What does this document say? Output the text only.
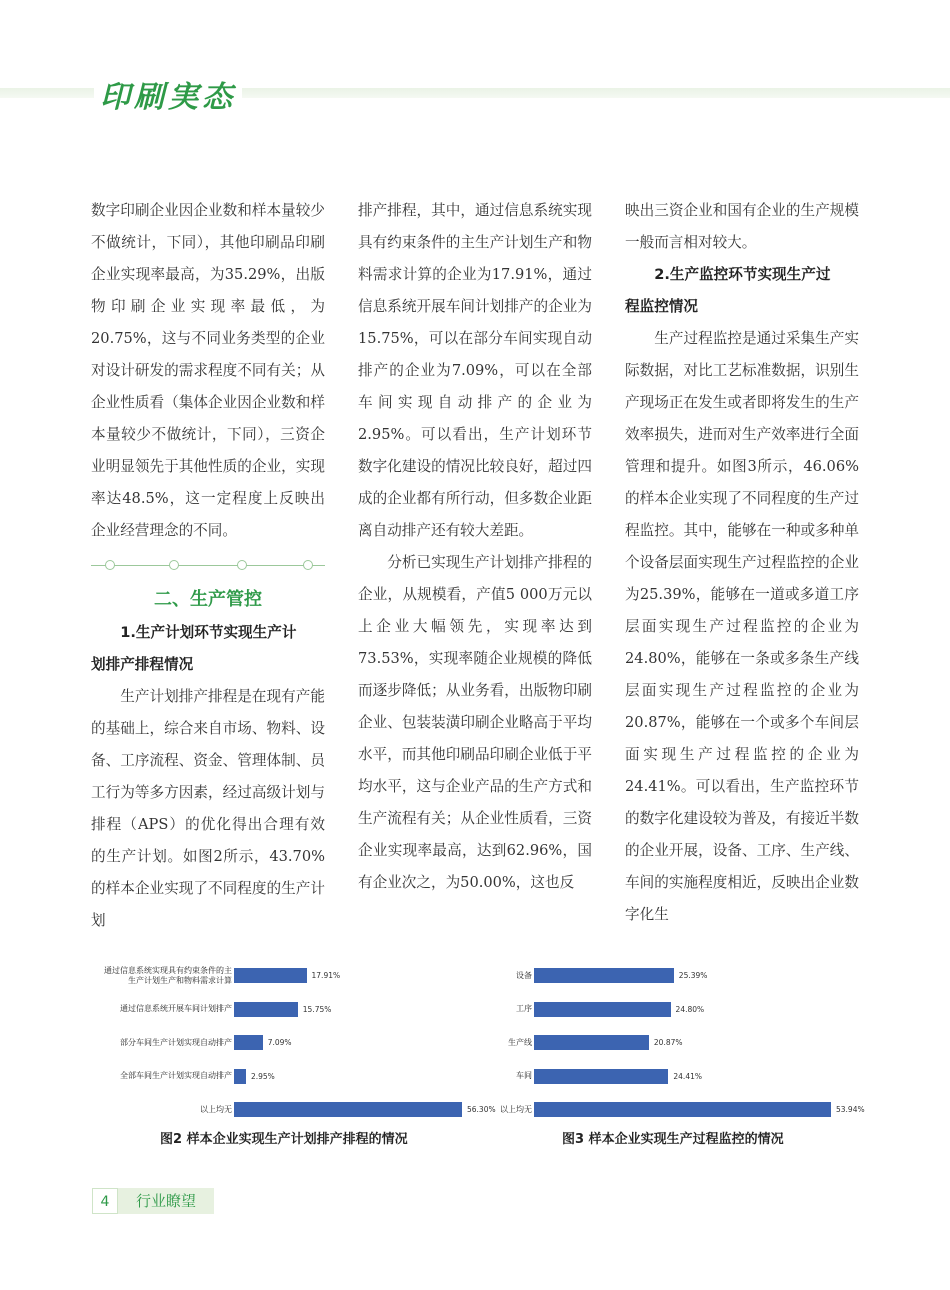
印刷実态

数字印刷企业因企业数和样本量较少不做统计，下同），其他印刷品印刷企业实现率最高，为35.29%，出版物印刷企业实现率最低，为20.75%，这与不同业务类型的企业对设计研发的需求程度不同有关；从企业性质看（集体企业因企业数和样本量较少不做统计，下同），三资企业明显领先于其他性质的企业，实现率达48.5%，这一定程度上反映出企业经营理念的不同。

二、生产管控

1.生产计划环节实现生产计

划排产排程情况

生产计划排产排程是在现有产能的基础上，综合来自市场、物料、设备、工序流程、资金、管理体制、员工行为等多方因素，经过高级计划与排程（APS）的优化得出合理有效的生产计划。如图2所示，43.70%的样本企业实现了不同程度的生产计划

排产排程，其中，通过信息系统实现具有约束条件的主生产计划生产和物料需求计算的企业为17.91%，通过信息系统开展车间计划排产的企业为15.75%，可以在部分车间实现自动排产的企业为7.09%，可以在全部车间实现自动排产的企业为2.95%。可以看出，生产计划环节数字化建设的情况比较良好，超过四成的企业都有所行动，但多数企业距离自动排产还有较大差距。

分析已实现生产计划排产排程的企业，从规模看，产值5 000万元以上企业大幅领先，实现率达到73.53%，实现率随企业规模的降低而逐步降低；从业务看，出版物印刷企业、包装装潢印刷企业略高于平均水平，而其他印刷品印刷企业低于平均水平，这与企业产品的生产方式和生产流程有关；从企业性质看，三资企业实现率最高，达到62.96%，国有企业次之，为50.00%，这也反

映出三资企业和国有企业的生产规模一般而言相对较大。

2.生产监控环节实现生产过

程监控情况

生产过程监控是通过采集生产实际数据，对比工艺标准数据，识别生产现场正在发生或者即将发生的生产效率损失，进而对生产效率进行全面管理和提升。如图3所示，46.06%的样本企业实现了不同程度的生产过程监控。其中，能够在一种或多种单个设备层面实现生产过程监控的企业为25.39%，能够在一道或多道工序层面实现生产过程监控的企业为24.80%，能够在一条或多条生产线层面实现生产过程监控的企业为20.87%，能够在一个或多个车间层面实现生产过程监控的企业为24.41%。可以看出，生产监控环节的数字化建设较为普及，有接近半数的企业开展，设备、工序、生产线、车间的实施程度相近，反映出企业数字化生

通过信息系统实现具有约束条件的主
生产计划生产和物料需求计算	17.91%
通过信息系统开展车间计划排产	15.75%
部分车间生产计划实现自动排产	7.09%
全部车间生产计划实现自动排产	2.95%
以上均无	56.30%
设备	25.39%
工序	24.80%
生产线	20.87%
车间	24.41%
以上均无	53.94%
图2 样本企业实现生产计划排产排程的情况	图3 样本企业实现生产过程监控的情况
4	行业瞭望
